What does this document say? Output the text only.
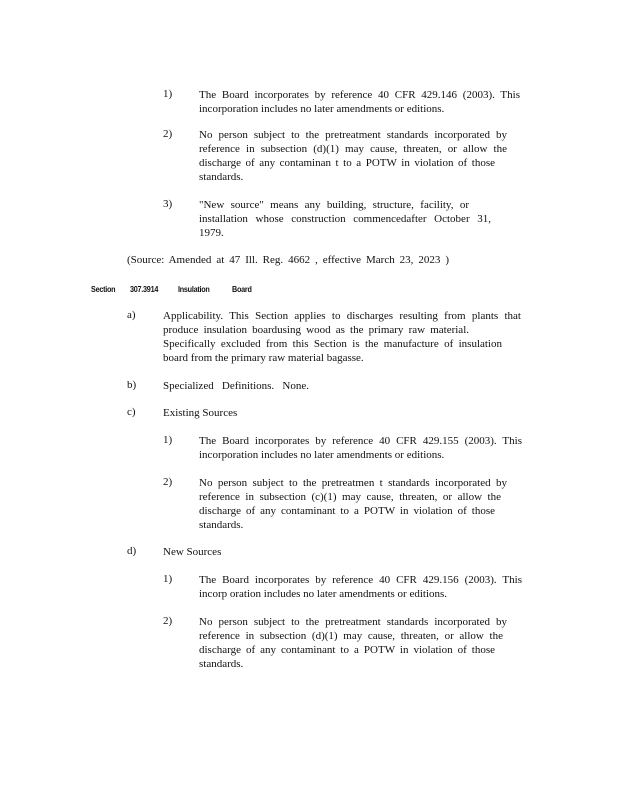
1) The Board incorporates by reference 40 CFR 429.146 (2003). This
incorporation includes no later amendments or editions.
2) No person subject to the pretreatment standards incorporated by
reference in subsection (d)(1) may cause, threaten, or allow the
discharge of any contaminan t to a POTW in violation of those
standards.
3) "New source" means any building, structure, facility, or
installation whose construction commencedafter October 31,
1979.
(Source: Amended at 47 Ill. Reg. 4662 , effective March 23, 2023 )
Section 307.3914 Insulation	Board
a) Applicability. This Section applies to discharges resulting from plants that
produce insulation boardusing wood as the primary raw material.
Specifically excluded from this Section is the manufacture of insulation
board from the primary raw material bagasse.
b) Specialized Definitions. None.
c) Existing Sources
1) The Board incorporates by reference 40 CFR 429.155 (2003). This
incorporation includes no later amendments or editions.
2) No person subject to the pretreatmen t standards incorporated by
reference in subsection (c)(1) may cause, threaten, or allow the
discharge of any contaminant to a POTW in violation of those
standards.
d) New Sources
1) The Board incorporates by reference 40 CFR 429.156 (2003). This
incorp oration includes no later amendments or editions.
2) No person subject to the pretreatment standards incorporated by
reference in subsection (d)(1) may cause, threaten, or allow the
discharge of any contaminant to a POTW in violation of those
standards.
